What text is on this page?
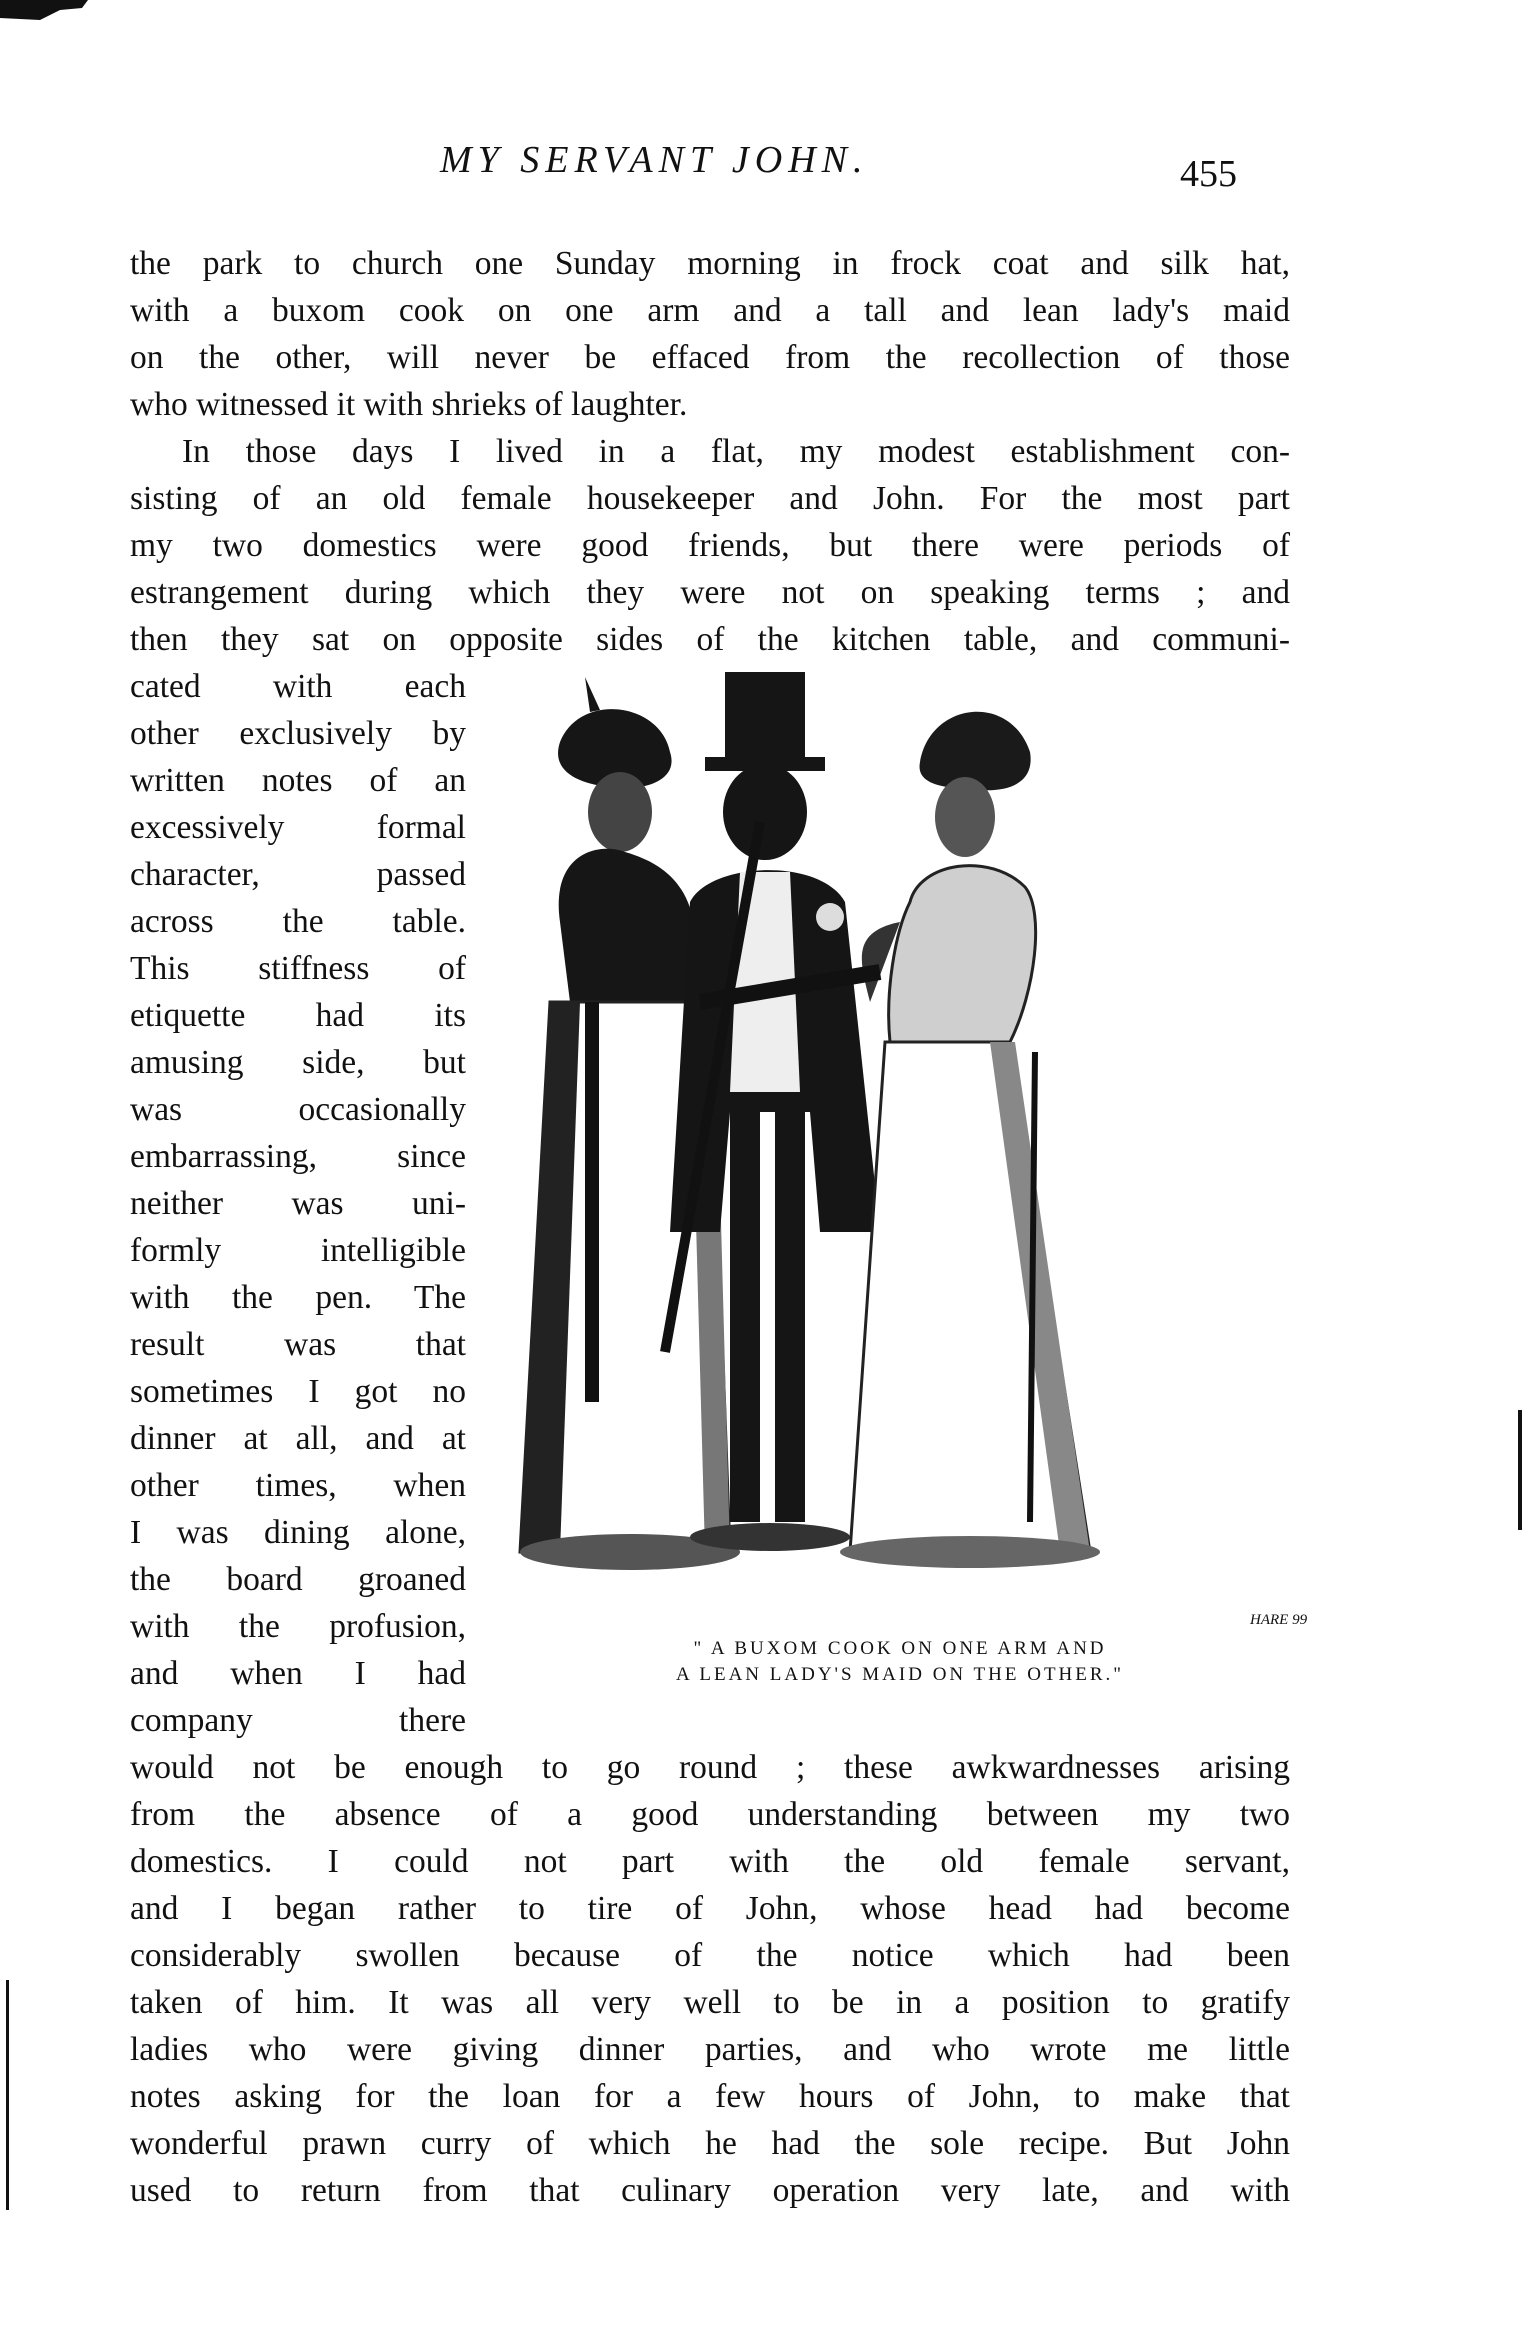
MY SERVANT JOHN.	455
the park to church one Sunday morning in frock coat and silk hat,
with a buxom cook on one arm and a tall and lean lady's maid
on the other, will never be effaced from the recollection of those
who witnessed it with shrieks of laughter.
In those days I lived in a flat, my modest establishment con-
sisting of an old female housekeeper and John. For the most part
my two domestics were good friends, but there were periods of
estrangement during which they were not on speaking terms ; and
then they sat on opposite sides of the kitchen table, and communi-
cated with each
other exclusively by
written notes of an
excessively formal
character, passed
across the table.
This stiffness of
etiquette had its
amusing side, but
was occasionally
embarrassing, since
neither was uni-
formly intelligible
with the pen. The
result was that
sometimes I got no
dinner at all, and at
other times, when
I was dining alone,
the board groaned
with the profusion,
and when I had
company there
" A BUXOM COOK ON ONE ARM AND
A LEAN LADY'S MAID ON THE OTHER."
HARE 99
would not be enough to go round ; these awkwardnesses arising
from the absence of a good understanding between my two
domestics. I could not part with the old female servant,
and I began rather to tire of John, whose head had become
considerably swollen because of the notice which had been
taken of him. It was all very well to be in a position to gratify
ladies who were giving dinner parties, and who wrote me little
notes asking for the loan for a few hours of John, to make that
wonderful prawn curry of which he had the sole recipe. But John
used to return from that culinary operation very late, and with
